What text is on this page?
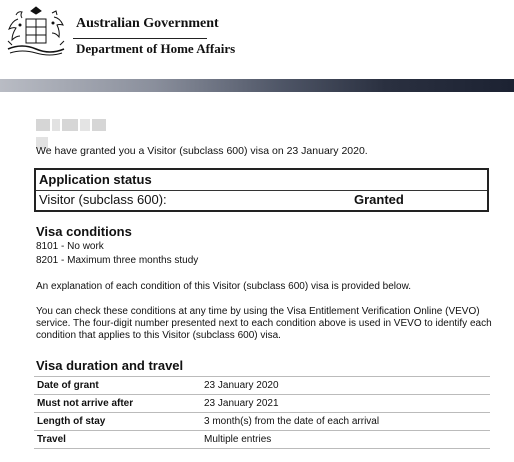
Australian Government
Department of Home Affairs
We have granted you a Visitor (subclass 600) visa on 23 January 2020.
Application status
Visitor (subclass 600):	Granted
Visa conditions
8101 - No work
8201 - Maximum three months study
An explanation of each condition of this Visitor (subclass 600) visa is provided below.
You can check these conditions at any time by using the Visa Entitlement Verification Online (VEVO) service. The four-digit number presented next to each condition above is used in VEVO to identify each condition that applies to this Visitor (subclass 600) visa.
Visa duration and travel
Date of grant	23 January 2020
Must not arrive after	23 January 2021
Length of stay	3 month(s) from the date of each arrival
Travel	Multiple entries
